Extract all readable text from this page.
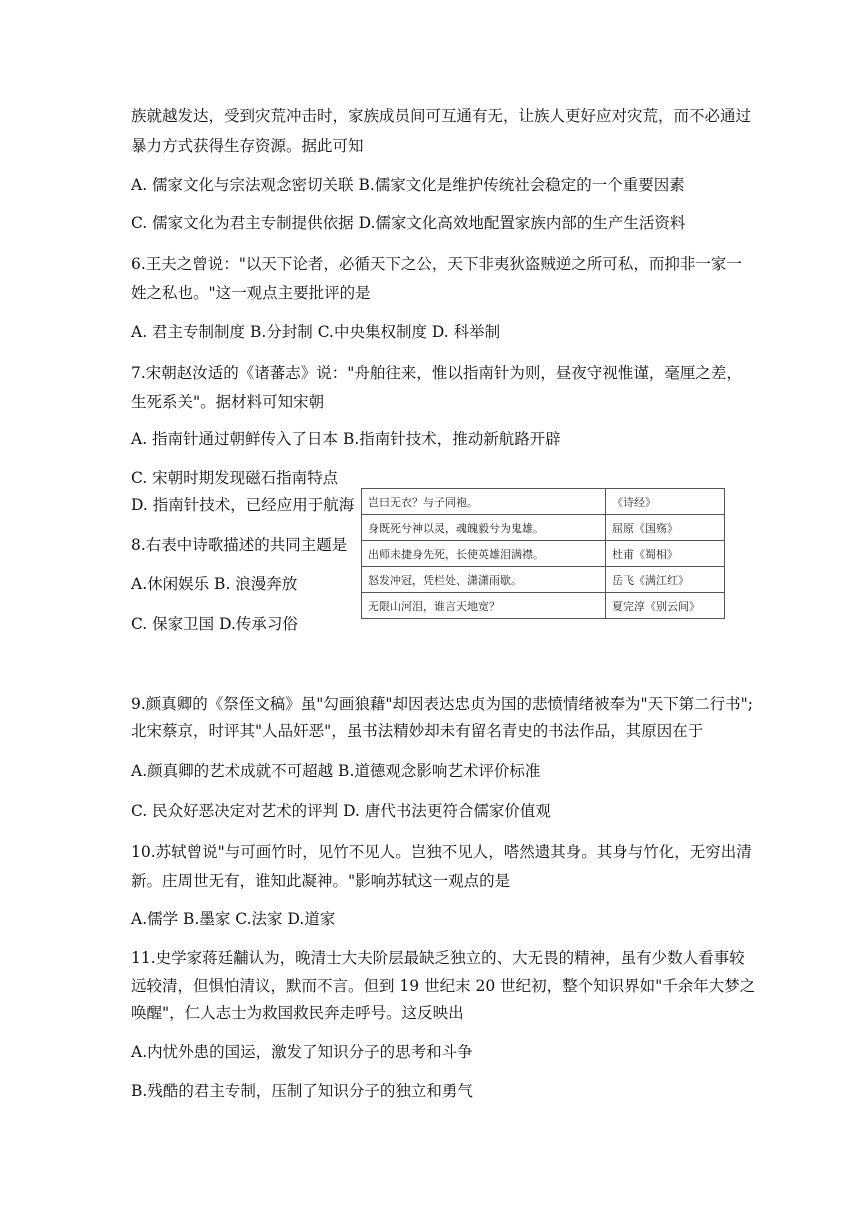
族就越发达，受到灾荒冲击时，家族成员间可互通有无，让族人更好应对灾荒，而不必通过
暴力方式获得生存资源。据此可知
A. 儒家文化与宗法观念密切关联 B.儒家文化是维护传统社会稳定的一个重要因素
C. 儒家文化为君主专制提供依据 D.儒家文化高效地配置家族内部的生产生活资料
6.王夫之曾说："以天下论者，必循天下之公，天下非夷狄盗贼逆之所可私，而抑非一家一
姓之私也。"这一观点主要批评的是
A. 君主专制制度 B.分封制 C.中央集权制度 D. 科举制
7.宋朝赵汝适的《诸蕃志》说："舟舶往来，惟以指南针为则，昼夜守视惟谨，毫厘之差，
生死系关"。据材料可知宋朝
A. 指南针通过朝鲜传入了日本 B.指南针技术，推动新航路开辟
C. 宋朝时期发现磁石指南特点
D. 指南针技术，已经应用于航海
8.右表中诗歌描述的共同主题是
A.休闲娱乐 B. 浪漫奔放
C. 保家卫国 D.传承习俗
岂曰无衣？与子同袍。	《诗经》
身既死兮神以灵，魂魄毅兮为鬼雄。	屈原《国殇》
出师未捷身先死，长使英雄泪满襟。	杜甫《蜀相》
怒发冲冠，凭栏处、潇潇雨歇。	岳飞《满江红》
无限山河泪，谁言天地宽？	夏完淳《别云间》
9.颜真卿的《祭侄文稿》虽"勾画狼藉"却因表达忠贞为国的悲愤情绪被奉为"天下第二行书";
北宋蔡京，时评其"人品奸恶"，虽书法精妙却未有留名青史的书法作品，其原因在于
A.颜真卿的艺术成就不可超越 B.道德观念影响艺术评价标准
C. 民众好恶决定对艺术的评判 D. 唐代书法更符合儒家价值观
10.苏轼曾说"与可画竹时，见竹不见人。岂独不见人，嗒然遗其身。其身与竹化，无穷出清
新。庄周世无有，谁知此凝神。"影响苏轼这一观点的是
A.儒学 B.墨家 C.法家 D.道家
11.史学家蒋廷黼认为，晚清士大夫阶层最缺乏独立的、大无畏的精神，虽有少数人看事较
远较清，但惧怕清议，默而不言。但到 19 世纪末 20 世纪初，整个知识界如"千余年大梦之
唤醒"，仁人志士为救国救民奔走呼号。这反映出
A.内忧外患的国运，激发了知识分子的思考和斗争
B.残酷的君主专制，压制了知识分子的独立和勇气
